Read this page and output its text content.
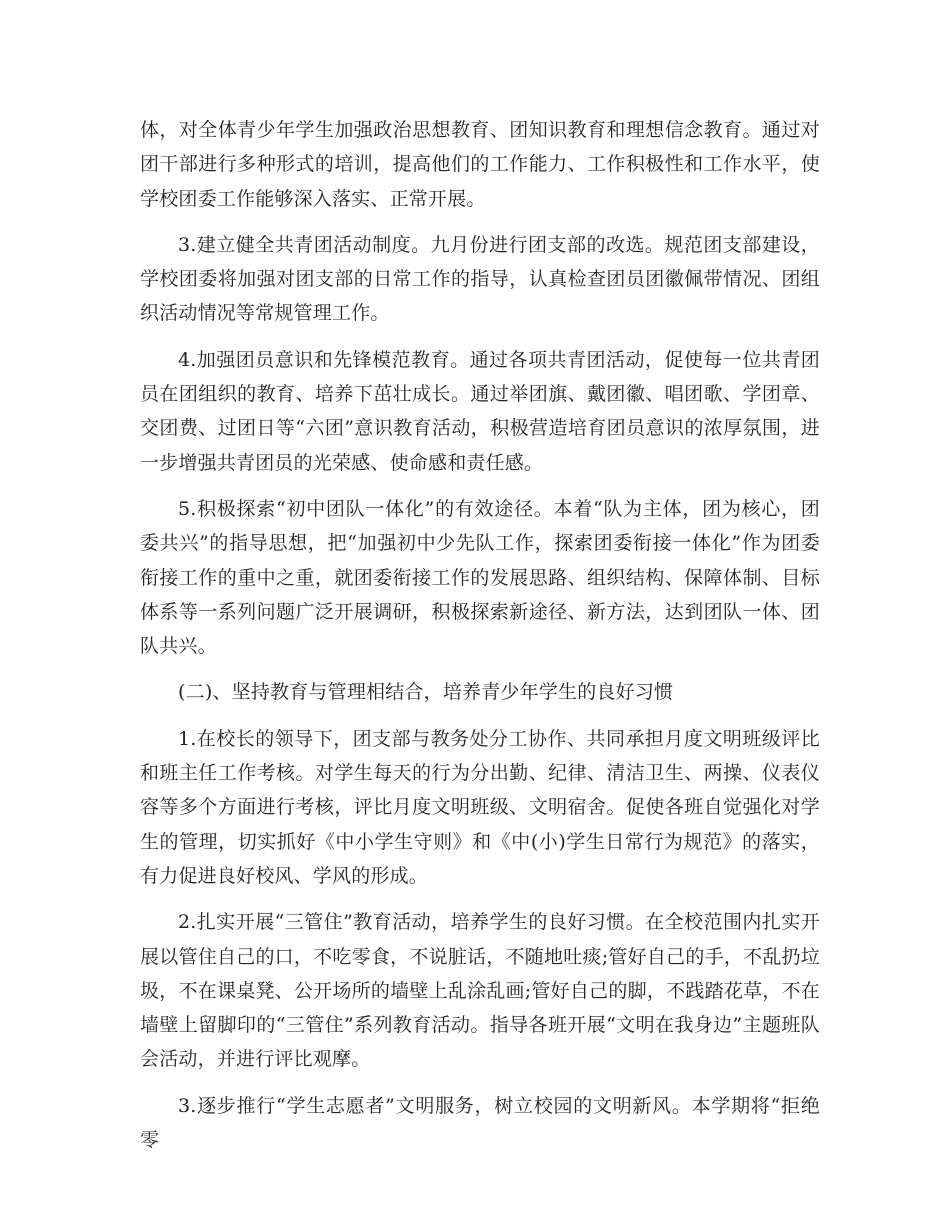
体，对全体青少年学生加强政治思想教育、团知识教育和理想信念教育。通过对团干部进行多种形式的培训，提高他们的工作能力、工作积极性和工作水平，使学校团委工作能够深入落实、正常开展。

3.建立健全共青团活动制度。九月份进行团支部的改选。规范团支部建设，学校团委将加强对团支部的日常工作的指导，认真检查团员团徽佩带情况、团组织活动情况等常规管理工作。

4.加强团员意识和先锋模范教育。通过各项共青团活动，促使每一位共青团员在团组织的教育、培养下茁壮成长。通过举团旗、戴团徽、唱团歌、学团章、交团费、过团日等“六团”意识教育活动，积极营造培育团员意识的浓厚氛围，进一步增强共青团员的光荣感、使命感和责任感。

5.积极探索“初中团队一体化”的有效途径。本着“队为主体，团为核心，团委共兴”的指导思想，把“加强初中少先队工作，探索团委衔接一体化”作为团委衔接工作的重中之重，就团委衔接工作的发展思路、组织结构、保障体制、目标体系等一系列问题广泛开展调研，积极探索新途径、新方法，达到团队一体、团队共兴。

(二)、坚持教育与管理相结合，培养青少年学生的良好习惯

1.在校长的领导下，团支部与教务处分工协作、共同承担月度文明班级评比和班主任工作考核。对学生每天的行为分出勤、纪律、清洁卫生、两操、仪表仪容等多个方面进行考核，评比月度文明班级、文明宿舍。促使各班自觉强化对学生的管理，切实抓好《中小学生守则》和《中(小)学生日常行为规范》的落实，有力促进良好校风、学风的形成。

2.扎实开展“三管住”教育活动，培养学生的良好习惯。在全校范围内扎实开展以管住自己的口，不吃零食，不说脏话，不随地吐痰;管好自己的手，不乱扔垃圾，不在课桌凳、公开场所的墙壁上乱涂乱画;管好自己的脚，不践踏花草，不在墙壁上留脚印的“三管住”系列教育活动。指导各班开展“文明在我身边”主题班队会活动，并进行评比观摩。

3.逐步推行“学生志愿者”文明服务，树立校园的文明新风。本学期将“拒绝零
